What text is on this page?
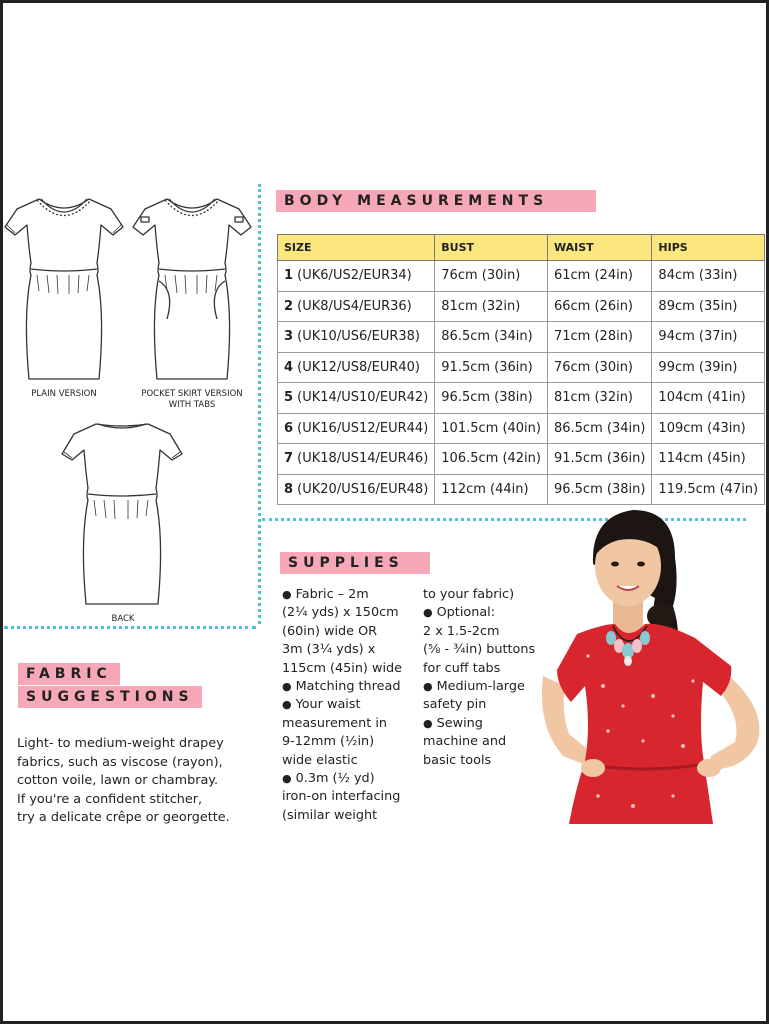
PLAIN VERSION	POCKET SKIRT VERSION
WITH TABS
BACK
BODY MEASUREMENTS
SIZE	BUST	WAIST	HIPS
1 (UK6/US2/EUR34)	76cm (30in)	61cm (24in)	84cm (33in)
2 (UK8/US4/EUR36)	81cm (32in)	66cm (26in)	89cm (35in)
3 (UK10/US6/EUR38)	86.5cm (34in)	71cm (28in)	94cm (37in)
4 (UK12/US8/EUR40)	91.5cm (36in)	76cm (30in)	99cm (39in)
5 (UK14/US10/EUR42)	96.5cm (38in)	81cm (32in)	104cm (41in)
6 (UK16/US12/EUR44)	101.5cm (40in)	86.5cm (34in)	109cm (43in)
7 (UK18/US14/EUR46)	106.5cm (42in)	91.5cm (36in)	114cm (45in)
8 (UK20/US16/EUR48)	112cm (44in)	96.5cm (38in)	119.5cm (47in)
SUPPLIES
● Fabric – 2m
(2¼ yds) x 150cm
(60in) wide OR
3m (3¼ yds) x
115cm (45in) wide
● Matching thread
● Your waist
measurement in
9-12mm (½in)
wide elastic
● 0.3m (½ yd)
iron-on interfacing
(similar weight
to your fabric)
● Optional:
2 x 1.5-2cm
(⅝ - ¾in) buttons
for cuff tabs
● Medium-large
safety pin
● Sewing
machine and
basic tools
FABRIC
SUGGESTIONS
Light- to medium-weight drapey
fabrics, such as viscose (rayon),
cotton voile, lawn or chambray.
If you're a confident stitcher,
try a delicate crêpe or georgette.
